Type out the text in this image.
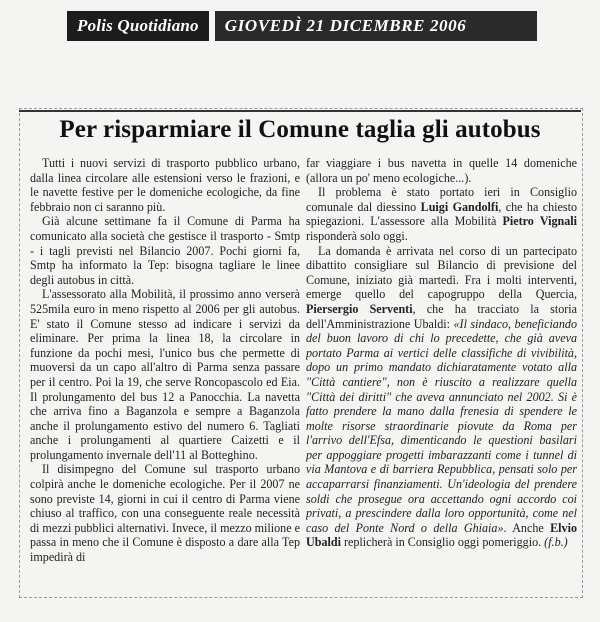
Polis Quotidiano	GIOVEDÌ 21 DICEMBRE 2006
Per risparmiare il Comune taglia gli autobus

Tutti i nuovi servizi di trasporto pubblico urbano, dalla linea circolare alle estensioni verso le frazioni, e le navette festive per le domeniche ecologiche, da fine febbraio non ci saranno più.

Già alcune settimane fa il Comune di Parma ha comunicato alla società che gestisce il trasporto - Smtp - i tagli previsti nel Bilancio 2007. Pochi giorni fa, Smtp ha informato la Tep: bisogna tagliare le linee degli autobus in città.

L'assessorato alla Mobilità, il prossimo anno verserà 525mila euro in meno rispetto al 2006 per gli autobus. E' stato il Comune stesso ad indicare i servizi da eliminare. Per prima la linea 18, la circolare in funzione da pochi mesi, l'unico bus che permette di muoversi da un capo all'altro di Parma senza passare per il centro. Poi la 19, che serve Roncopascolo ed Eia. Il prolungamento del bus 12 a Panocchia. La navetta che arriva fino a Baganzola e sempre a Baganzola anche il prolungamento estivo del numero 6. Tagliati anche i prolungamenti al quartiere Caizetti e il prolungamento invernale dell'11 al Botteghino.

Il disimpegno del Comune sul trasporto urbano colpirà anche le domeniche ecologiche. Per il 2007 ne sono previste 14, giorni in cui il centro di Parma viene chiuso al traffico, con una conseguente reale necessità di mezzi pubblici alternativi. Invece, il mezzo milione e passa in meno che il Comune è disposto a dare alla Tep impedirà di

far viaggiare i bus navetta in quelle 14 domeniche (allora un po' meno ecologiche...).

Il problema è stato portato ieri in Consiglio comunale dal diessino Luigi Gandolfi, che ha chiesto spiegazioni. L'assessore alla Mobilità Pietro Vignali risponderà solo oggi.

La domanda è arrivata nel corso di un partecipato dibattito consigliare sul Bilancio di previsione del Comune, iniziato già martedì. Fra i molti interventi, emerge quello del capogruppo della Quercia, Piersergio Serventi, che ha tracciato la storia dell'Amministrazione Ubaldi: «Il sindaco, beneficiando del buon lavoro di chi lo precedette, che già aveva portato Parma ai vertici delle classifiche di vivibilità, dopo un primo mandato dichiaratamente votato alla "Città cantiere", non è riuscito a realizzare quella "Città dei diritti" che aveva annunciato nel 2002. Si è fatto prendere la mano dalla frenesia di spendere le molte risorse straordinarie piovute da Roma per l'arrivo dell'Efsa, dimenticando le questioni basilari per appoggiare progetti imbarazzanti come i tunnel di via Mantova e di barriera Repubblica, pensati solo per accaparrarsi finanziamenti. Un'ideologia del prendere soldi che prosegue ora accettando ogni accordo coi privati, a prescindere dalla loro opportunità, come nel caso del Ponte Nord o della Ghiaia». Anche Elvio Ubaldi replicherà in Consiglio oggi pomeriggio. (f.b.)
